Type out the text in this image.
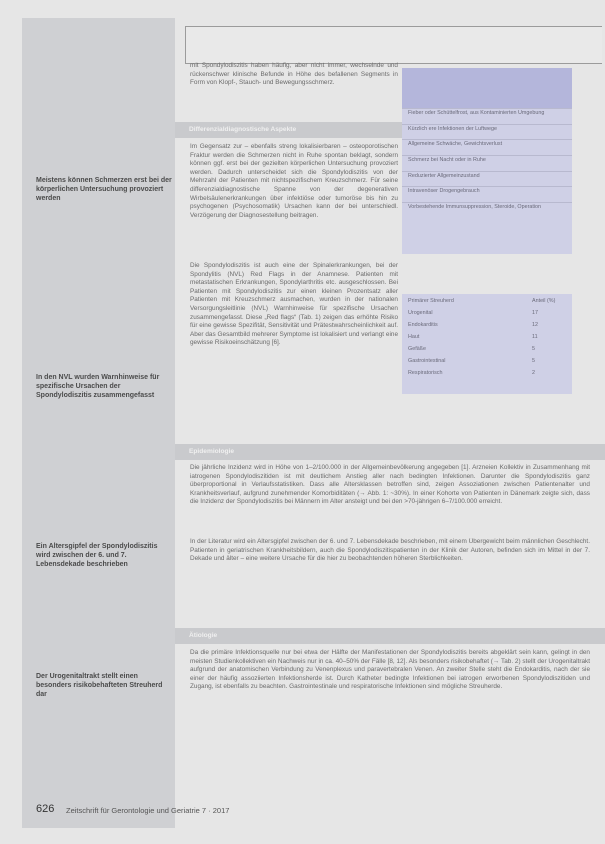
Meistens können Schmerzen erst bei der körperlichen Untersuchung provoziert werden
In den NVL wurden Warnhinweise für spezifische Ursachen der Spondylodiszitis zusammengefasst
Ein Altersgipfel der Spondylodiszitis wird zwischen der 6. und 7. Lebensdekade beschrieben
Der Urogenitaltrakt stellt einen besonders risikobehafteten Streuherd dar
mit Spondylodiszitis haben häufig, aber nicht immer, wechselnde und rückenschwer klinische Befunde in Höhe des befallenen Segments in Form von Klopf-, Stauch- und Bewegungsschmerz.
Differenzialdiagnostische Aspekte
Im Gegensatz zur – ebenfalls streng lokalisierbaren – osteoporotischen Fraktur werden die Schmerzen nicht in Ruhe spontan beklagt, sondern können ggf. erst bei der gezielten körperlichen Untersuchung provoziert werden. Dadurch unterscheidet sich die Spondylodiszitis von der Mehrzahl der Patienten mit nichtspezifischem Kreuzschmerz. Für seine differenzialdiagnostische Spanne von der degenerativen Wirbelsäulenerkrankungen über infektiöse oder tumoröse bis hin zu psychogenen (Psychosomatik) Ursachen kann der bei unterschiedl. Verzögerung der Diagnosestellung beitragen.
Die Spondylodiszitis ist auch eine der Spinalerkrankungen, bei der Spondylitis (NVL) Red Flags in der Anamnese. Patienten mit metastatischen Erkrankungen, Spondylarthritis etc. ausgeschlossen. Bei Patienten mit Spondylodiszitis zur einen kleinen Prozentsatz aller Patienten mit Kreuzschmerz ausmachen, wurden in der nationalen Versorgungsleitlinie (NVL) Warnhinweise für spezifische Ursachen zusammengefasst. Diese „Red flags“ (Tab. 1) zeigen das erhöhte Risiko für eine gewisse Spezifität, Sensitivität und Prätestwahrscheinlichkeit auf. Aber das Gesamtbild mehrerer Symptome ist lokalisiert und verlangt eine gewisse Risikoeinschätzung [6].
Fieber oder Schüttelfrost, aus Kontaminierten Umgebung
Kürzlich ere Infektionen der Luftwege
Allgemeine Schwäche, Gewichtsverlust
Schmerz bei Nacht oder in Ruhe
Reduzierter Allgemeinzustand
Intravenöser Drogengebrauch
Vorbestehende Immunsuppression, Steroide, Operation
Primärer Streuherd	Anteil (%)
Urogenital	17
Endokarditis	12
Haut	11
Gefäße	5
Gastrointestinal	5
Respiratorisch	2
Epidemiologie
Die jährliche Inzidenz wird in Höhe von 1–2/100.000 in der Allgemeinbevölkerung angegeben [1]. Arzneien Kollektiv in Zusammenhang mit iatrogenen Spondylodiszitiden ist mit deutlichem Anstieg aller nach bedingten Infektionen. Darunter die Spondylodiszitis ganz überproportional in Verlaufsstatistiken. Dass alle Altersklassen betroffen sind, zeigen Assoziationen zwischen Patientenalter und Krankheitsverlauf, aufgrund zunehmender Komorbiditäten (→ Abb. 1: ~30%). In einer Kohorte von Patienten in Dänemark zeigte sich, dass die Inzidenz der Spondylodiszitis bei Männern im Alter ansteigt und bei den >70-jährigen 6–7/100.000 erreicht.
In der Literatur wird ein Altersgipfel zwischen der 6. und 7. Lebensdekade beschrieben, mit einem Übergewicht beim männlichen Geschlecht. Patienten in geriatrischen Krankheitsbildern, auch die Spondylodiszitispatienten in der Klinik der Autoren, befinden sich im Mittel in der 7. Dekade und älter – eine weitere Ursache für die hier zu beobachtenden höheren Sterblichkeiten.
Ätiologie
Da die primäre Infektionsquelle nur bei etwa der Hälfte der Manifestationen der Spondylodiszitis bereits abgeklärt sein kann, gelingt in den meisten Studienkollektiven ein Nachweis nur in ca. 40–50% der Fälle [8, 12]. Als besonders risikobehaftet (→ Tab. 2) stellt der Urogenitaltrakt aufgrund der anatomischen Verbindung zu Venenplexus und paravertebralen Venen. An zweiter Stelle steht die Endokarditis, nach der sie einer der häufig assoziierten Infektionsherde ist. Durch Katheter bedingte Infektionen bei iatrogen erworbenen Spondylodiszitiden und Zugang, ist ebenfalls zu beachten. Gastrointestinale und respiratorische Infektionen sind mögliche Streuherde.
626 Zeitschrift für Gerontologie und Geriatrie 7 · 2017
